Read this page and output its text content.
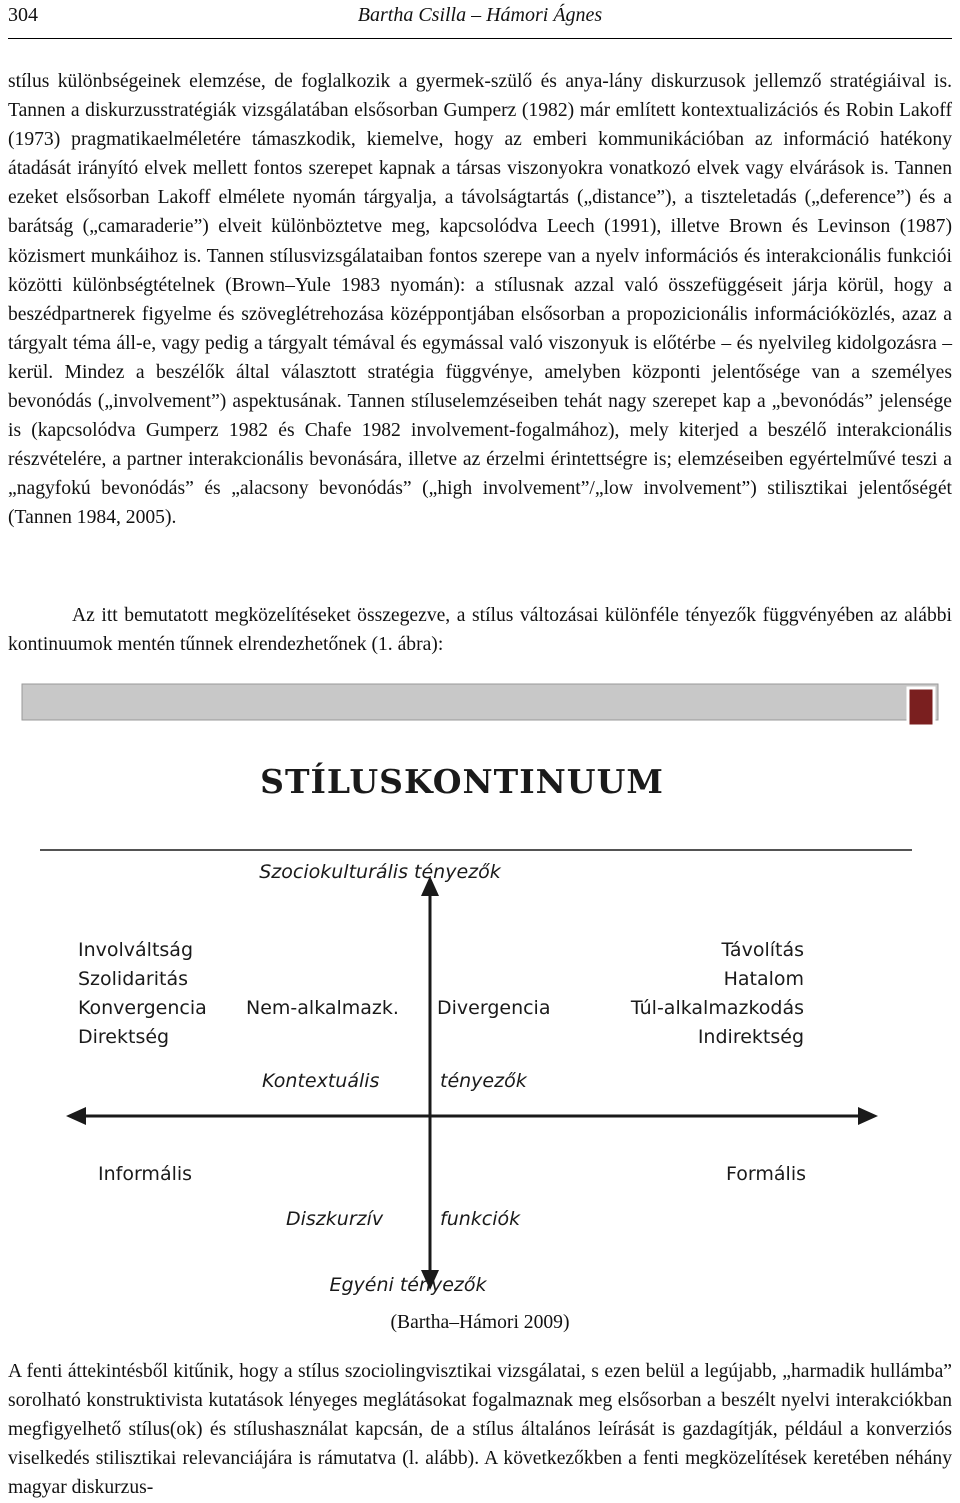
304	Bartha Csilla – Hámori Ágnes

stílus különbségeinek elemzése, de foglalkozik a gyermek-szülő és anya-lány diskurzusok jellemző stratégiáival is. Tannen a diskurzusstratégiák vizsgálatában elsősorban Gumperz (1982) már említett kontextualizációs és Robin Lakoff (1973) pragmatikaelméletére támaszkodik, kiemelve, hogy az emberi kommunikációban az információ hatékony átadását irányító elvek mellett fontos szerepet kapnak a társas viszonyokra vonatkozó elvek vagy elvárások is. Tannen ezeket elsősorban Lakoff elmélete nyomán tárgyalja, a távolságtartás („distance”), a tiszteletadás („deference”) és a barátság („camaraderie”) elveit különböztetve meg, kapcsolódva Leech (1991), illetve Brown és Levinson (1987) közismert munkáihoz is. Tannen stílusvizsgálataiban fontos szerepe van a nyelv információs és interakcionális funkciói közötti különbségtételnek (Brown–Yule 1983 nyomán): a stílusnak azzal való összefüggéseit járja körül, hogy a beszédpartnerek figyelme és szöveglétrehozása középpontjában elsősorban a propozicionális információközlés, azaz a tárgyalt téma áll-e, vagy pedig a tárgyalt témával és egymással való viszonyuk is előtérbe – és nyelvileg kidolgozásra – kerül. Mindez a beszélők által választott stratégia függvénye, amelyben központi jelentősége van a személyes bevonódás („involvement”) aspektusának. Tannen stíluselemzéseiben tehát nagy szerepet kap a „bevonódás” jelensége is (kapcsolódva Gumperz 1982 és Chafe 1982 involvement-fogalmához), mely kiterjed a beszélő interakcionális részvételére, a partner interakcionális bevonására, illetve az érzelmi érintettségre is; elemzéseiben egyértelművé teszi a „nagyfokú bevonódás” és „alacsony bevonódás” („high involvement”/„low involvement”) stilisztikai jelentőségét (Tannen 1984, 2005).

Az itt bemutatott megközelítéseket összegezve, a stílus változásai különféle tényezők függvényében az alábbi kontinuumok mentén tűnnek elrendezhetőnek (1. ábra):

STÍLUSKONTINUUM
Szociokulturális tényezők
Egyéni tényezők
Involváltság
Szolidaritás
Konvergencia
Direktség
Távolítás
Hatalom
Túl-alkalmazkodás
Indirektség
Nem-alkalmazk. Divergencia
Kontextuális	tényezők
Informális	Formális
Diszkurzív	funkciók
(Bartha–Hámori 2009)

A fenti áttekintésből kitűnik, hogy a stílus szociolingvisztikai vizsgálatai, s ezen belül a legújabb, „harmadik hullámba” sorolható konstruktivista kutatások lényeges meglátásokat fogalmaznak meg elsősorban a beszélt nyelvi interakciókban megfigyelhető stílus(ok) és stílushasználat kapcsán, de a stílus általános leírását is gazdagítják, például a konverziós viselkedés stilisztikai relevanciájára is rámutatva (l. alább). A következőkben a fenti megközelítések keretében néhány magyar diskurzus-
